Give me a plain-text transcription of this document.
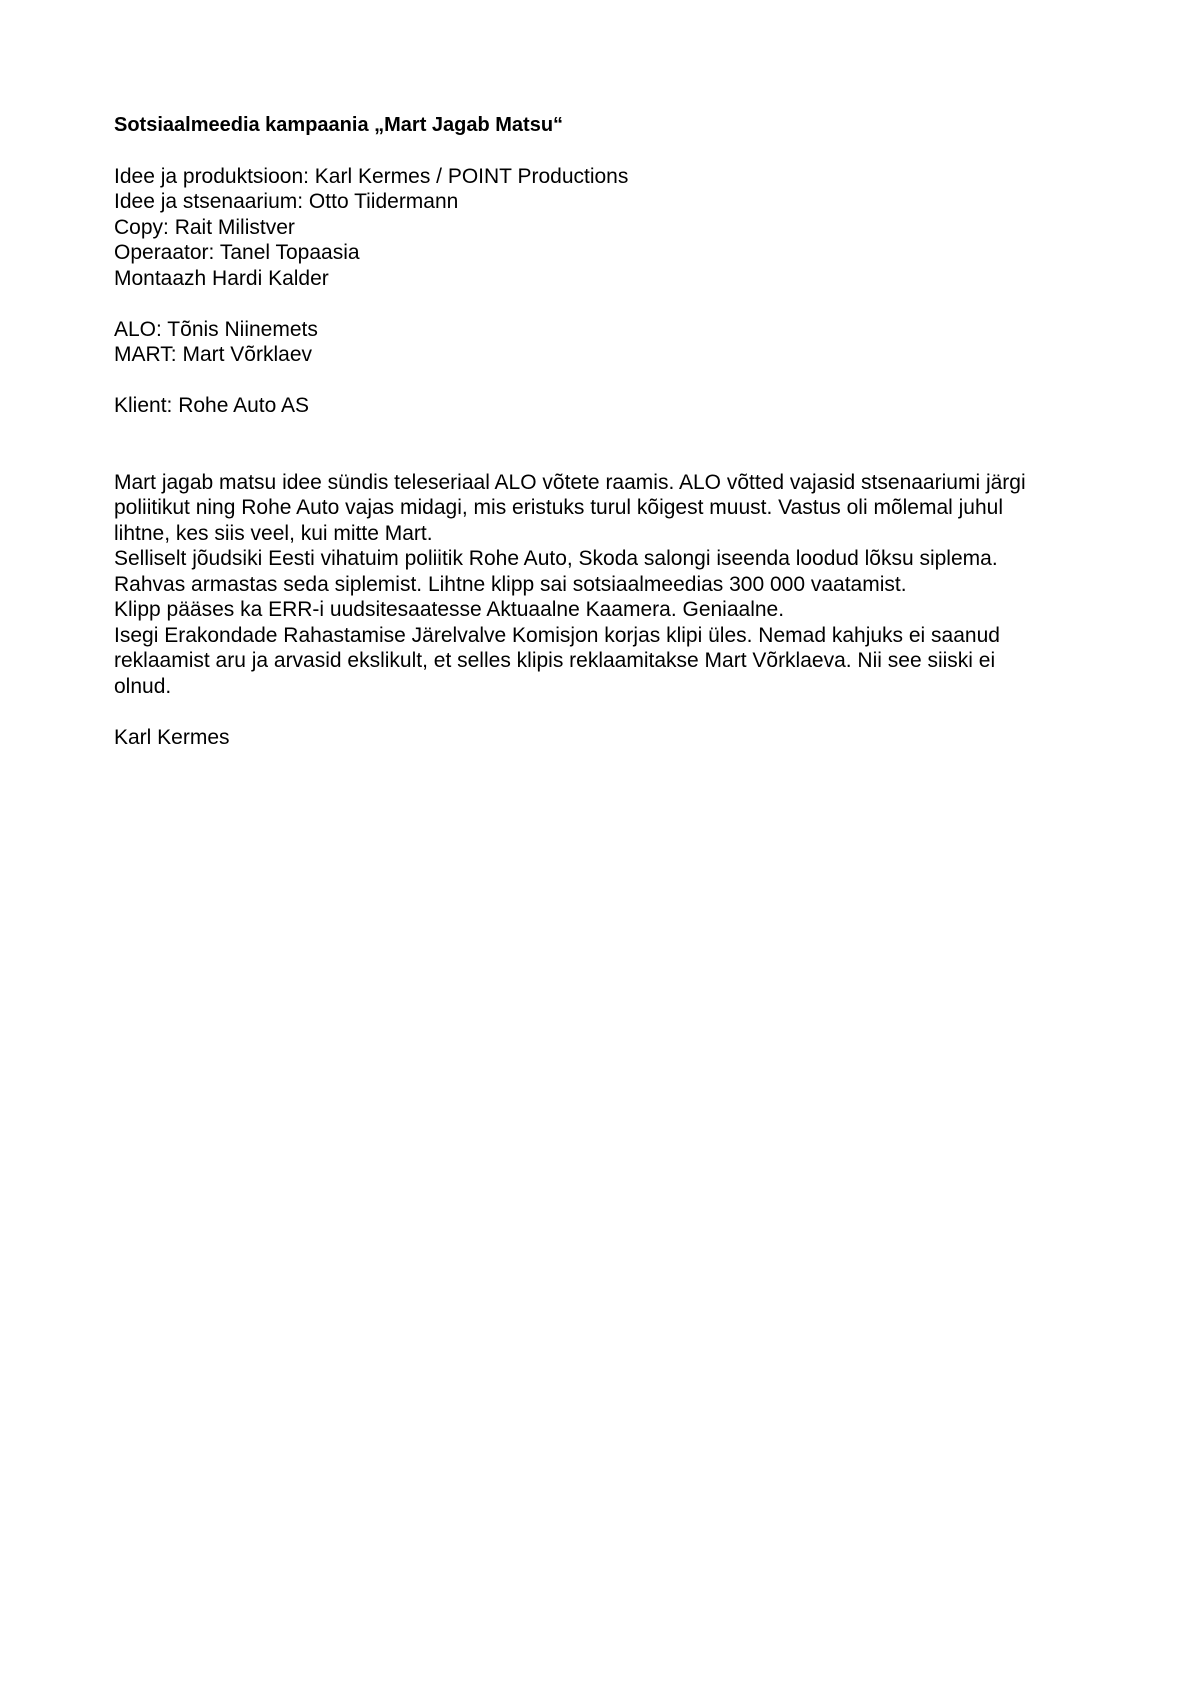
Sotsiaalmeedia kampaania „Mart Jagab Matsu“

Idee ja produktsioon: Karl Kermes / POINT Productions

Idee ja stsenaarium: Otto Tiidermann

Copy: Rait Milistver

Operaator: Tanel Topaasia

Montaazh Hardi Kalder

ALO: Tõnis Niinemets

MART: Mart Võrklaev

Klient: Rohe Auto AS

Mart jagab matsu idee sündis teleseriaal ALO võtete raamis. ALO võtted vajasid stsenaariumi järgi

poliitikut ning Rohe Auto vajas midagi, mis eristuks turul kõigest muust. Vastus oli mõlemal juhul

lihtne, kes siis veel, kui mitte Mart.

Selliselt jõudsiki Eesti vihatuim poliitik Rohe Auto, Skoda salongi iseenda loodud lõksu siplema.

Rahvas armastas seda siplemist. Lihtne klipp sai sotsiaalmeedias 300 000 vaatamist.

Klipp pääses ka ERR-i uudsitesaatesse Aktuaalne Kaamera. Geniaalne.

Isegi Erakondade Rahastamise Järelvalve Komisjon korjas klipi üles. Nemad kahjuks ei saanud

reklaamist aru ja arvasid ekslikult, et selles klipis reklaamitakse Mart Võrklaeva. Nii see siiski ei

olnud.

Karl Kermes
